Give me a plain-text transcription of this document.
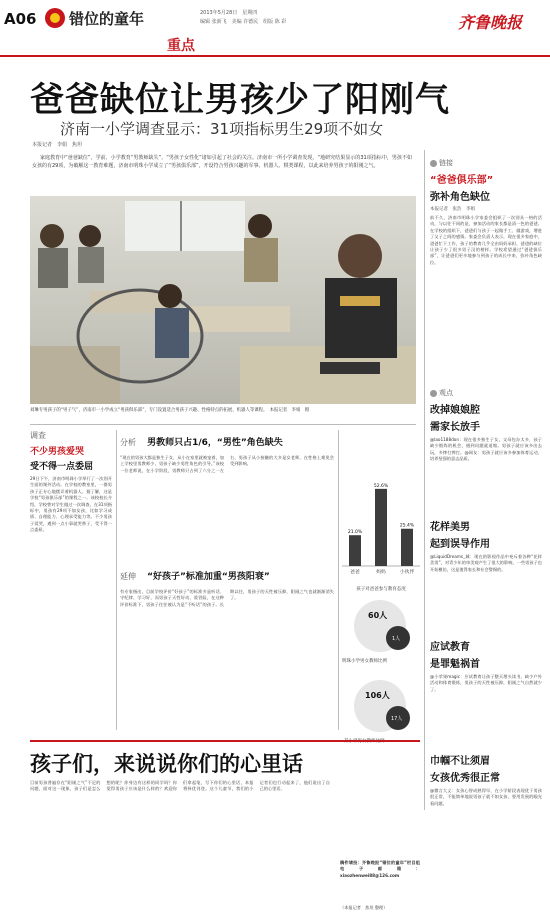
A06 错位的童年
重点
2013年5月28日　星期四
编辑 张新飞　美编 许德民　组版 陈 彩	齐鲁晚报
爸爸缺位让男孩少了阳刚气
济南一小学调查显示：31项指标男生29项不如女
本报记者　李娟　焦坦

家庭教育中“爸爸缺位”，学前、小学教育“男教师缺失”，“男孩子女性化”诸如引起了社会的关注。济南市一所小学调查发现，“地研究结果显示的31项指标中，男孩不如女孩的有29项，为破解这一教育难题，济南市明珠小学成立了“男孩俱乐部”，开设符合男孩兴趣的军事、机器人、棋类课程，以此来培养男孩子的阳刚之气。

刘琳专男孩子的“男子气”，济南市一小学成立“男孩俱乐部”，专门设置适合男孩子兴趣、性格特点的拓展、机器人等课程。　本报记者　李娟　摄
链接
“爸爸俱乐部”
弥补角色缺位
本报记者　张浩　李娟
前不久，济南市明珠小学家委会组织了一次别具一格的活动，与以往不同的是，参加活动的家长都是清一色的爸爸。在学校的组织下，爸爸们与孩子一起做手工、做游戏，增进了父子之间的感情。家委会负责人表示，现在很多家庭中，爸爸忙于工作，孩子的教育几乎全由妈妈承担，爸爸的缺位让孩子少了很多男子汉的榜样。学校希望通过“爸爸俱乐部”，让爸爸们更多地参与到孩子的成长中来，弥补角色缺位。
观点
改掉娘娘腔
需家长放手
@lao1188don：现在很多独生子女，父母包办太多，孩子缺少锻炼的机会，遇到问题就退缩。男孩子就应该多出去玩，多摔打摔打。@网友：男孩子就应该多参加体育运动，培养坚强的意志品质。
花样美男
起到误导作用
@LiquidDreams_城：现在的影视作品中充斥着各种“花样美男”，对青少年的审美观产生了很大的影响，一些男孩子也开始模仿，这是值得家长和社会警惕的。
应试教育
是罪魁祸首
@小苹果magic：应试教育让孩子整天埋头读书，缺少户外活动和体育锻炼，男孩子的天性被压抑，阳刚之气自然就少了。
巾帼不让须眉
女孩优秀很正常
@微言大义：女孩心智成熟得早，在小学阶段表现优于男孩很正常，不能简单地说男孩子就不如女孩，要用发展的眼光看问题。
调查
不少男孩爱哭
受不得一点委屈
29日下午，济南市明珠小学举行了一次别开生面的课外活动。在学校的教室里，一群男孩子正专心地摆弄着机器人。据了解，这是学校“男孩俱乐部”的课程之一。该校校长介绍，学校曾对学生做过一次调查，在31项指标中，男孩有29项不如女孩，比如学习成绩、自理能力、心理承受能力等。不少男孩子爱哭，遇到一点小事就哭鼻子，受不得一点委屈。
分析 男教师只占1/6，“男性”角色缺失
“现在的男孩大都是独生子女，从小在家里就被宠着，加上学校里男教师少，男孩子缺少男性角色的引导。”该校一位老师说，在小学阶段，男教师只占到了六分之一左右，男孩子从小接触的大多是女老师，在性格上难免会受到影响。
延伸 “好孩子”标准加重“男孩阳衰”
有专家指出，目前学校评价“好孩子”的标准多是听话、守纪律、学习好，而男孩子天性好动、爱冒险，在这种评价标准下，男孩子往往被认为是“不听话”的孩子。长期以往，男孩子的天性被压抑，阳刚之气也就渐渐消失了。
21.0%
爸爸
52.6%
妈妈
25.4%
小伙伴
孩子对爸爸参与教育态度
60人
1人
明珠小学男女教师比例
106人
17人
孩子们，来说说你们的心里话
目前男孩普遍存在“阳刚之气”不足的问题，面对这一现象，孩子们是怎么想的呢？你身边有这样的同学吗？你觉得男孩子应该是什么样的？欢迎你们拿起笔，写下你们的心里话，本报将择优刊登。这个儿童节，我们的小记者们也行动起来了，他们说出了自己的心里话。
稿件请投：齐鲁晚报“错位的童年”栏目组　电子邮箱：xiaozhenwei88@126.com
（本报记者　焦坦 整理）
